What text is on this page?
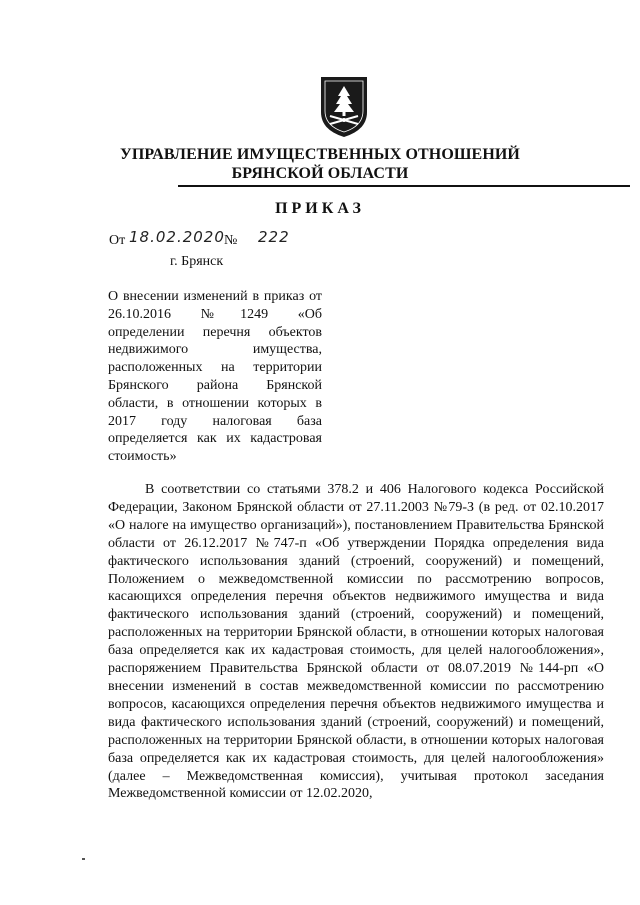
УПРАВЛЕНИЕ ИМУЩЕСТВЕННЫХ ОТНОШЕНИЙ
БРЯНСКОЙ ОБЛАСТИ
ПРИКАЗ
От 18.02.2020 № 222
г. Брянск
О внесении изменений в приказ от 26.10.2016 №1249 «Об определении перечня объектов недвижимого имущества, расположенных на территории Брянского района Брянской области, в отношении которых в 2017 году налоговая база определяется как их кадастровая стоимость»
В соответствии со статьями 378.2 и 406 Налогового кодекса Российской Федерации, Законом Брянской области от 27.11.2003 №79-З (в ред. от 02.10.2017 «О налоге на имущество организаций»), постановлением Правительства Брянской области от 26.12.2017 №747-п «Об утверждении Порядка определения вида фактического использования зданий (строений, сооружений) и помещений, Положением о межведомственной комиссии по рассмотрению вопросов, касающихся определения перечня объектов недвижимого имущества и вида фактического использования зданий (строений, сооружений) и помещений, расположенных на территории Брянской области, в отношении которых налоговая база определяется как их кадастровая стоимость, для целей налогообложения», распоряжением Правительства Брянской области от 08.07.2019 №144-рп «О внесении изменений в состав межведомственной комиссии по рассмотрению вопросов, касающихся определения перечня объектов недвижимого имущества и вида фактического использования зданий (строений, сооружений) и помещений, расположенных на территории Брянской области, в отношении которых налоговая база определяется как их кадастровая стоимость, для целей налогообложения» (далее – Межведомственная комиссия), учитывая протокол заседания Межведомственной комиссии от 12.02.2020,
